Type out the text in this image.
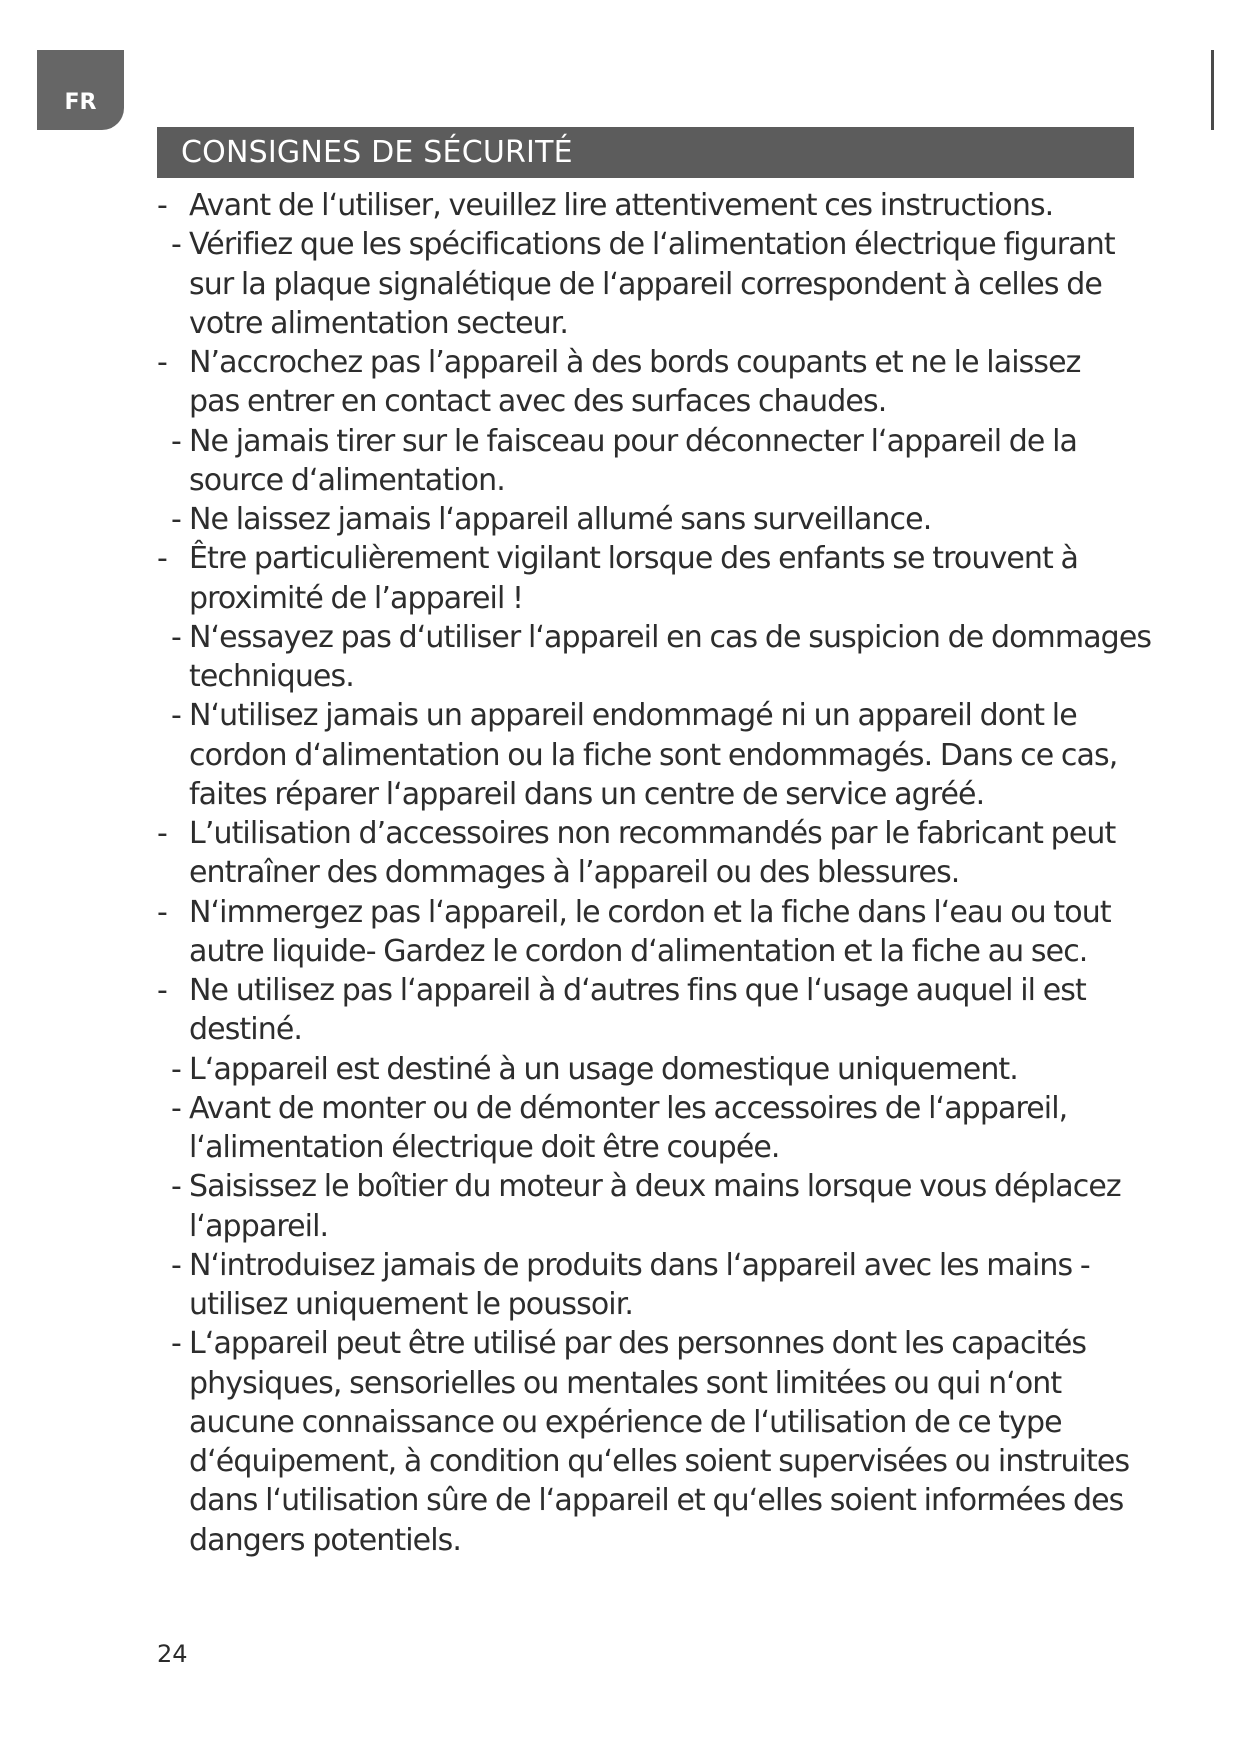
FR
CONSIGNES DE SÉCURITÉ
- Avant de l‘utiliser, veuillez lire attentivement ces instructions.
- Vérifiez que les spécifications de l‘alimentation électrique figurant
sur la plaque signalétique de l‘appareil correspondent à celles de
votre alimentation secteur.
- N’accrochez pas l’appareil à des bords coupants et ne le laissez
pas entrer en contact avec des surfaces chaudes.
- Ne jamais tirer sur le faisceau pour déconnecter l‘appareil de la
source d‘alimentation.
- Ne laissez jamais l‘appareil allumé sans surveillance.
- Être particulièrement vigilant lorsque des enfants se trouvent à
proximité de l’appareil !
- N‘essayez pas d‘utiliser l‘appareil en cas de suspicion de dommages
techniques.
- N‘utilisez jamais un appareil endommagé ni un appareil dont le
cordon d‘alimentation ou la fiche sont endommagés. Dans ce cas,
faites réparer l‘appareil dans un centre de service agréé.
- L’utilisation d’accessoires non recommandés par le fabricant peut
entraîner des dommages à l’appareil ou des blessures.
- N‘immergez pas l‘appareil, le cordon et la fiche dans l‘eau ou tout
autre liquide- Gardez le cordon d‘alimentation et la fiche au sec.
- Ne utilisez pas l‘appareil à d‘autres fins que l‘usage auquel il est
destiné.
- L‘appareil est destiné à un usage domestique uniquement.
- Avant de monter ou de démonter les accessoires de l‘appareil,
l‘alimentation électrique doit être coupée.
- Saisissez le boîtier du moteur à deux mains lorsque vous déplacez
l‘appareil.
- N‘introduisez jamais de produits dans l‘appareil avec les mains -
utilisez uniquement le poussoir.
- L‘appareil peut être utilisé par des personnes dont les capacités
physiques, sensorielles ou mentales sont limitées ou qui n‘ont
aucune connaissance ou expérience de l‘utilisation de ce type
d‘équipement, à condition qu‘elles soient supervisées ou instruites
dans l‘utilisation sûre de l‘appareil et qu‘elles soient informées des
dangers potentiels.
24
